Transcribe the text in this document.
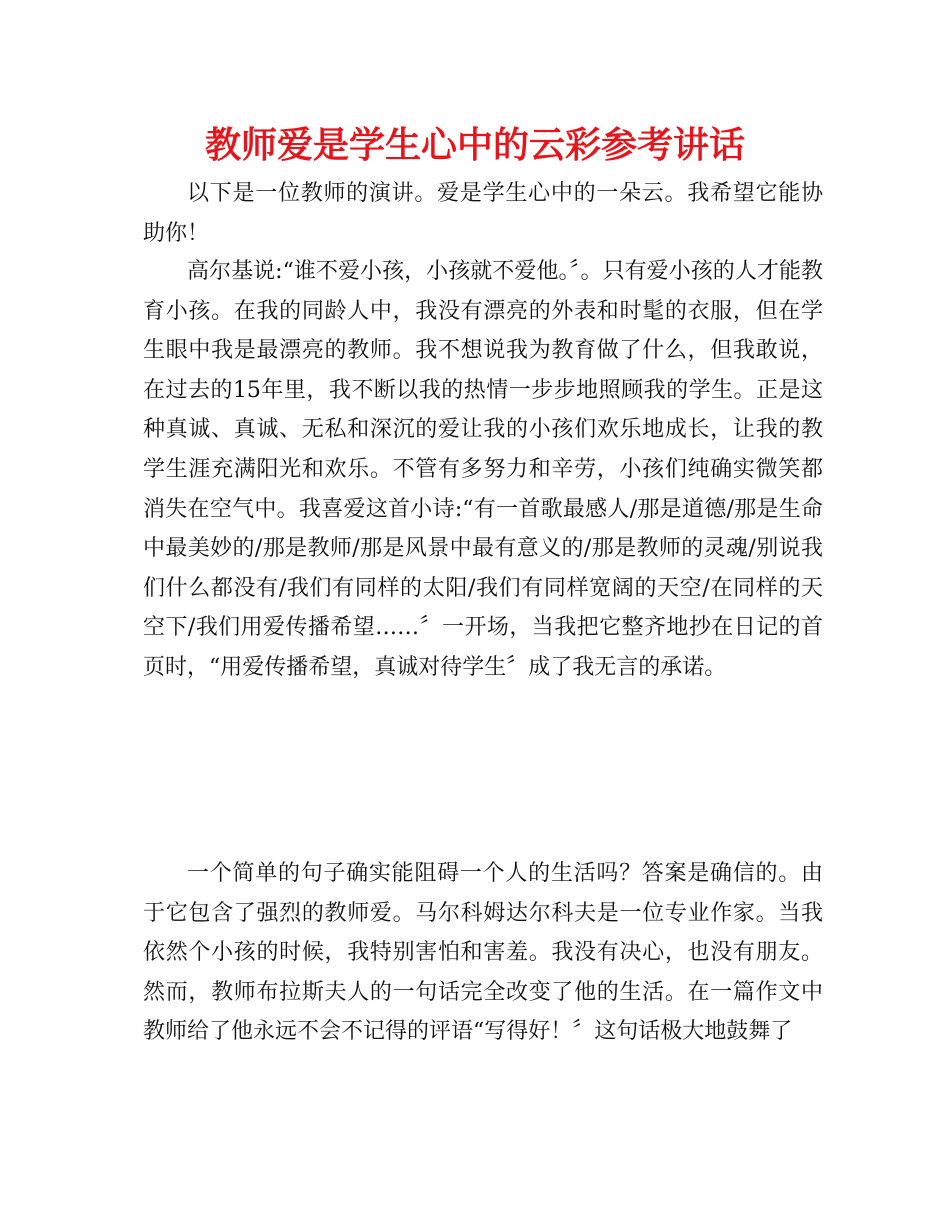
教师爱是学生心中的云彩参考讲话

以下是一位教师的演讲。爱是学生心中的一朵云。我希望它能协助你！

高尔基说:“谁不爱小孩，小孩就不爱他。〞。只有爱小孩的人才能教育小孩。在我的同龄人中，我没有漂亮的外表和时髦的衣服，但在学生眼中我是最漂亮的教师。我不想说我为教育做了什么，但我敢说，在过去的15年里，我不断以我的热情一步步地照顾我的学生。正是这种真诚、真诚、无私和深沉的爱让我的小孩们欢乐地成长，让我的教学生涯充满阳光和欢乐。不管有多努力和辛劳，小孩们纯确实微笑都消失在空气中。我喜爱这首小诗:“有一首歌最感人/那是道德/那是生命中最美妙的/那是教师/那是风景中最有意义的/那是教师的灵魂/别说我们什么都没有/我们有同样的太阳/我们有同样宽阔的天空/在同样的天空下/我们用爱传播希望……〞一开场，当我把它整齐地抄在日记的首页时，“用爱传播希望，真诚对待学生〞成了我无言的承诺。

一个简单的句子确实能阻碍一个人的生活吗？答案是确信的。由于它包含了强烈的教师爱。马尔科姆达尔科夫是一位专业作家。当我依然个小孩的时候，我特别害怕和害羞。我没有决心，也没有朋友。然而，教师布拉斯夫人的一句话完全改变了他的生活。在一篇作文中教师给了他永远不会不记得的评语“写得好！〞这句话极大地鼓舞了
